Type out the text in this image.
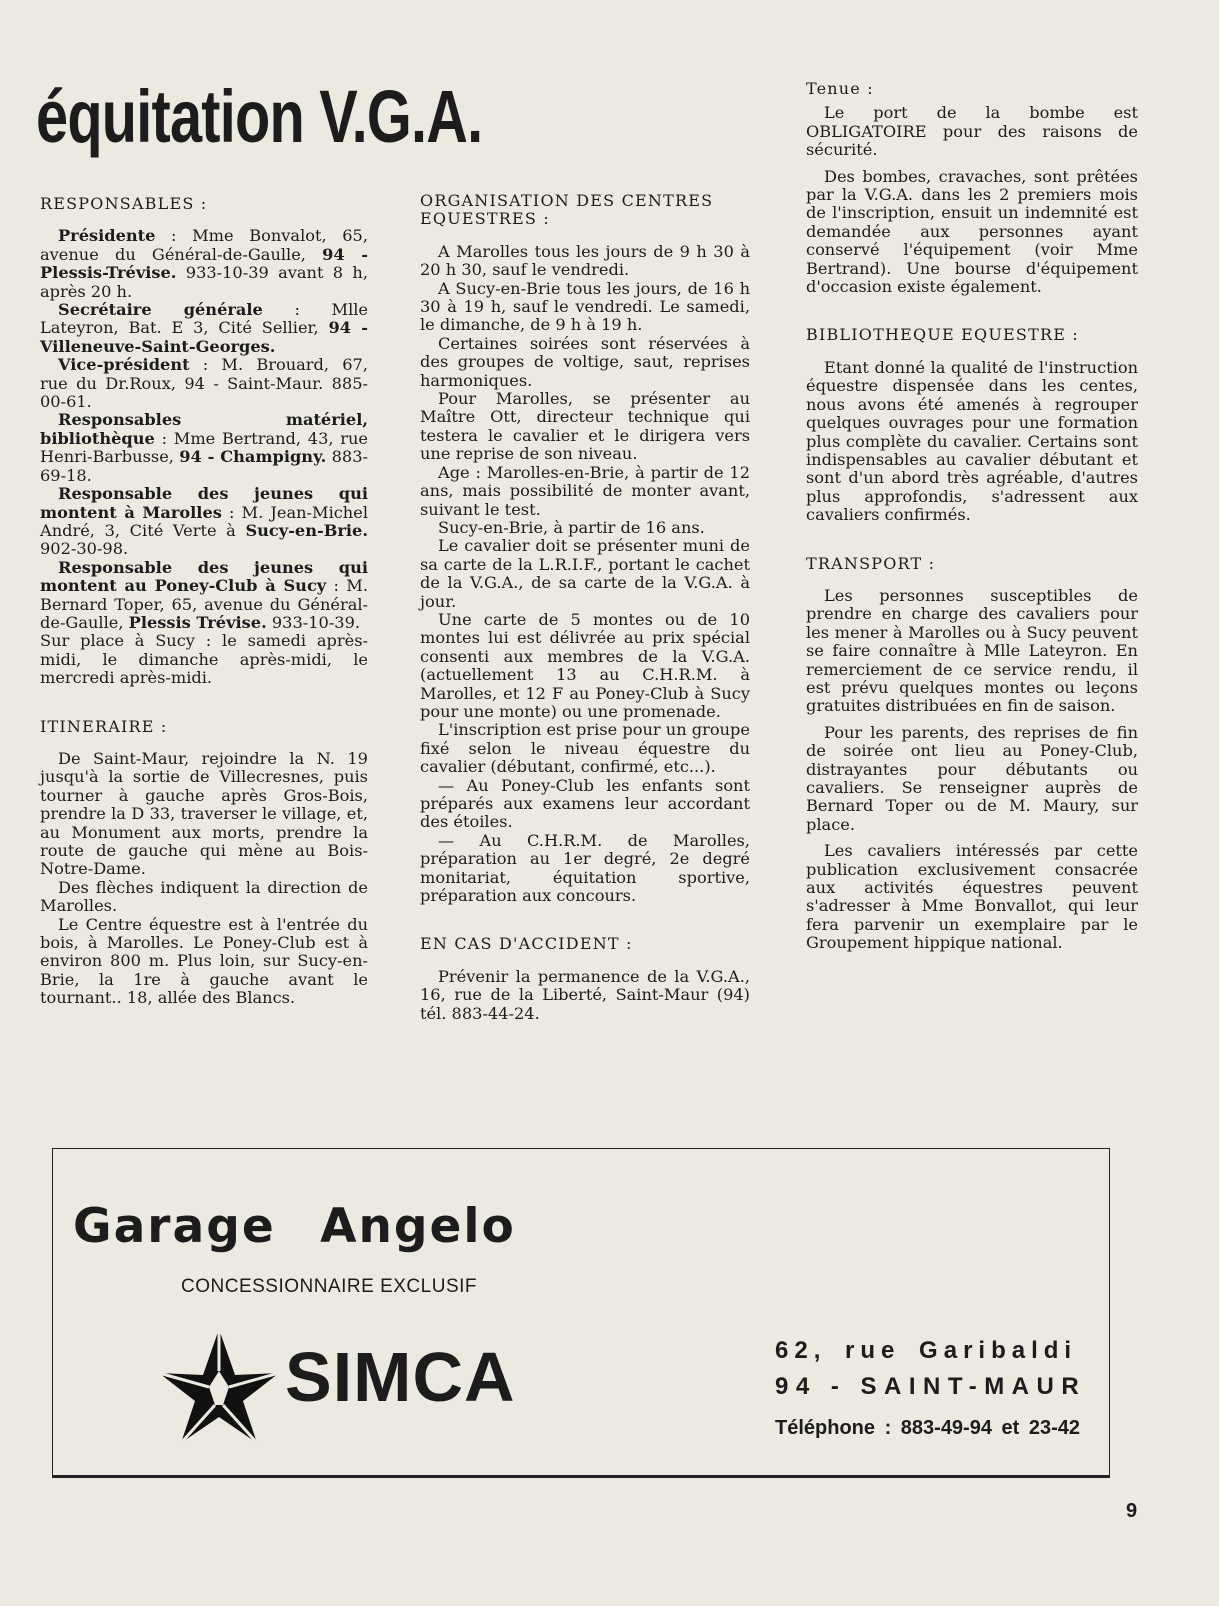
équitation V.G.A.

RESPONSABLES :

Présidente : Mme Bonvalot, 65, avenue du Général-de-Gaulle, 94 - Plessis-Trévise. 933-10-39 avant 8 h, après 20 h.

Secrétaire générale : Mlle Lateyron, Bat. E 3, Cité Sellier, 94 - Villeneuve-Saint-Georges.

Vice-président : M. Brouard, 67, rue du Dr.Roux, 94 - Saint-Maur. 885-00-61.

Responsables matériel, bibliothèque : Mme Bertrand, 43, rue Henri-Barbusse, 94 - Champigny. 883-69-18.

Responsable des jeunes qui montent à Marolles : M. Jean-Michel André, 3, Cité Verte à Sucy-en-Brie. 902-30-98.

Responsable des jeunes qui montent au Poney-Club à Sucy : M. Bernard Toper, 65, avenue du Général-de-Gaulle, Plessis Trévise. 933-10-39.

Sur place à Sucy : le samedi après-midi, le dimanche après-midi, le mercredi après-midi.

ITINERAIRE :

De Saint-Maur, rejoindre la N. 19 jusqu'à la sortie de Villecresnes, puis tourner à gauche après Gros-Bois, prendre la D 33, traverser le village, et, au Monument aux morts, prendre la route de gauche qui mène au Bois-Notre-Dame.

Des flèches indiquent la direction de Marolles.

Le Centre équestre est à l'entrée du bois, à Marolles. Le Poney-Club est à environ 800 m. Plus loin, sur Sucy-en-Brie, la 1re à gauche avant le tournant.. 18, allée des Blancs.

ORGANISATION DES CENTRES EQUESTRES :

A Marolles tous les jours de 9 h 30 à 20 h 30, sauf le vendredi.

A Sucy-en-Brie tous les jours, de 16 h 30 à 19 h, sauf le vendredi. Le samedi, le dimanche, de 9 h à 19 h.

Certaines soirées sont réservées à des groupes de voltige, saut, reprises harmoniques.

Pour Marolles, se présenter au Maître Ott, directeur technique qui testera le cavalier et le dirigera vers une reprise de son niveau.

Age : Marolles-en-Brie, à partir de 12 ans, mais possibilité de monter avant, suivant le test.

Sucy-en-Brie, à partir de 16 ans.

Le cavalier doit se présenter muni de sa carte de la L.R.I.F., portant le cachet de la V.G.A., de sa carte de la V.G.A. à jour.

Une carte de 5 montes ou de 10 montes lui est délivrée au prix spécial consenti aux membres de la V.G.A. (actuellement 13 au C.H.R.M. à Marolles, et 12 F au Poney-Club à Sucy pour une monte) ou une promenade.

L'inscription est prise pour un groupe fixé selon le niveau équestre du cavalier (débutant, confirmé, etc...).

— Au Poney-Club les enfants sont préparés aux examens leur accordant des étoiles.

— Au C.H.R.M. de Marolles, préparation au 1er degré, 2e degré monitariat, équitation sportive, préparation aux concours.

EN CAS D'ACCIDENT :

Prévenir la permanence de la V.G.A., 16, rue de la Liberté, Saint-Maur (94) tél. 883-44-24.

Tenue :

Le port de la bombe est OBLIGATOIRE pour des raisons de sécurité.

Des bombes, cravaches, sont prêtées par la V.G.A. dans les 2 premiers mois de l'inscription, ensuit un indemnité est demandée aux personnes ayant conservé l'équipement (voir Mme Bertrand). Une bourse d'équipement d'occasion existe également.

BIBLIOTHEQUE EQUESTRE :

Etant donné la qualité de l'instruction équestre dispensée dans les centes, nous avons été amenés à regrouper quelques ouvrages pour une formation plus complète du cavalier. Certains sont indispensables au cavalier débutant et sont d'un abord très agréable, d'autres plus approfondis, s'adressent aux cavaliers confirmés.

TRANSPORT :

Les personnes susceptibles de prendre en charge des cavaliers pour les mener à Marolles ou à Sucy peuvent se faire connaître à Mlle Lateyron. En remerciement de ce service rendu, il est prévu quelques montes ou leçons gratuites distribuées en fin de saison.

Pour les parents, des reprises de fin de soirée ont lieu au Poney-Club, distrayantes pour débutants ou cavaliers. Se renseigner auprès de Bernard Toper ou de M. Maury, sur place.

Les cavaliers intéressés par cette publication exclusivement consacrée aux activités équestres peuvent s'adresser à Mme Bonvallot, qui leur fera parvenir un exemplaire par le Groupement hippique national.

Garage Angelo
CONCESSIONNAIRE EXCLUSIF
SIMCA	62, rue Garibaldi
94 - SAINT-MAUR
Téléphone : 883-49-94 et 23-42
9
